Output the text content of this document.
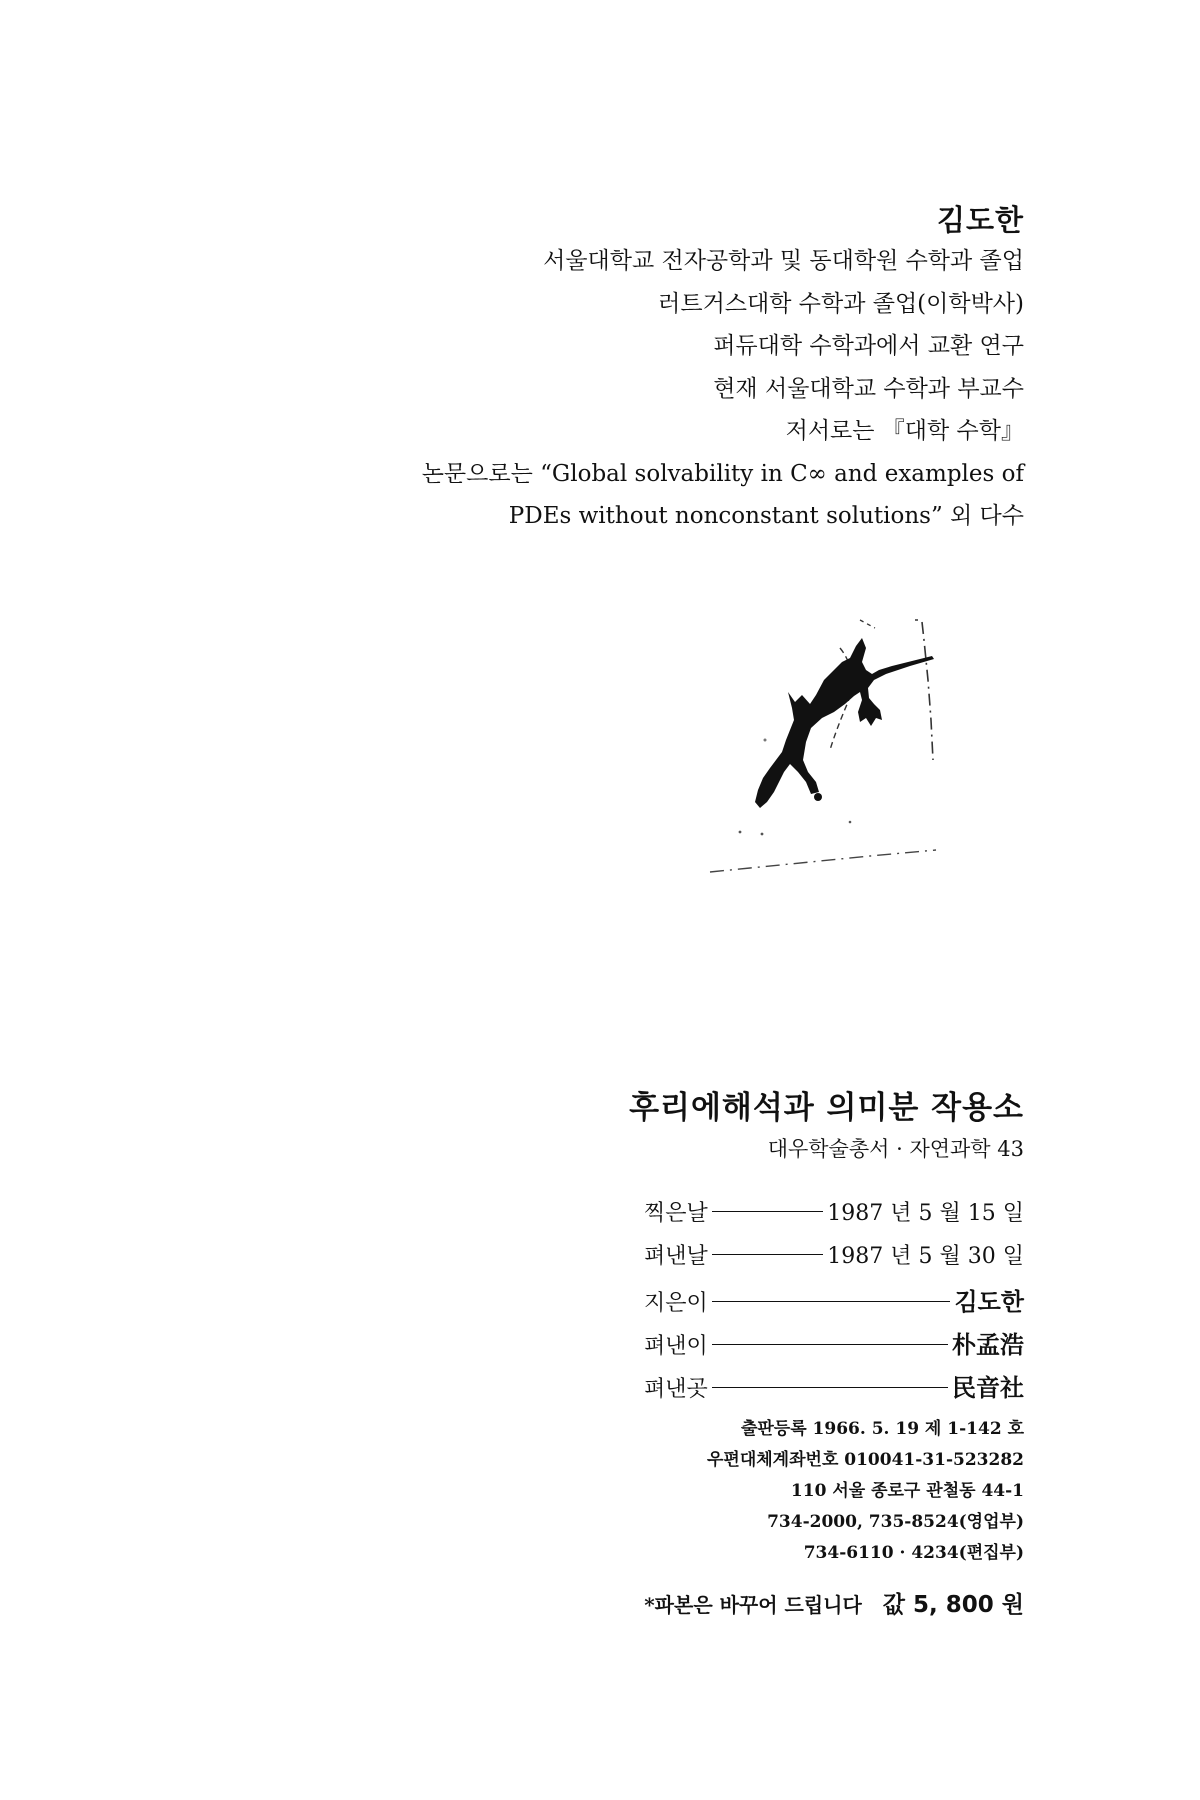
김도한
서울대학교 전자공학과 및 동대학원 수학과 졸업
러트거스대학 수학과 졸업(이학박사)
퍼듀대학 수학과에서 교환 연구
현재 서울대학교 수학과 부교수
저서로는 『대학 수학』
논문으로는 “Global solvability in C∞ and examples of
PDEs without nonconstant solutions” 외 다수
후리에해석과 의미분 작용소
대우학술총서 · 자연과학 43
찍은날	1987 년 5 월 15 일
펴낸날	1987 년 5 월 30 일
지은이	김도한
펴낸이	朴孟浩
펴낸곳	民音社
출판등록 1966. 5. 19 제 1-142 호
우편대체계좌번호 010041-31-523282
110 서울 종로구 관철동 44-1
734-2000, 735-8524(영업부)
734-6110 · 4234(편집부)
*파본은 바꾸어 드립니다 값 5, 800 원
